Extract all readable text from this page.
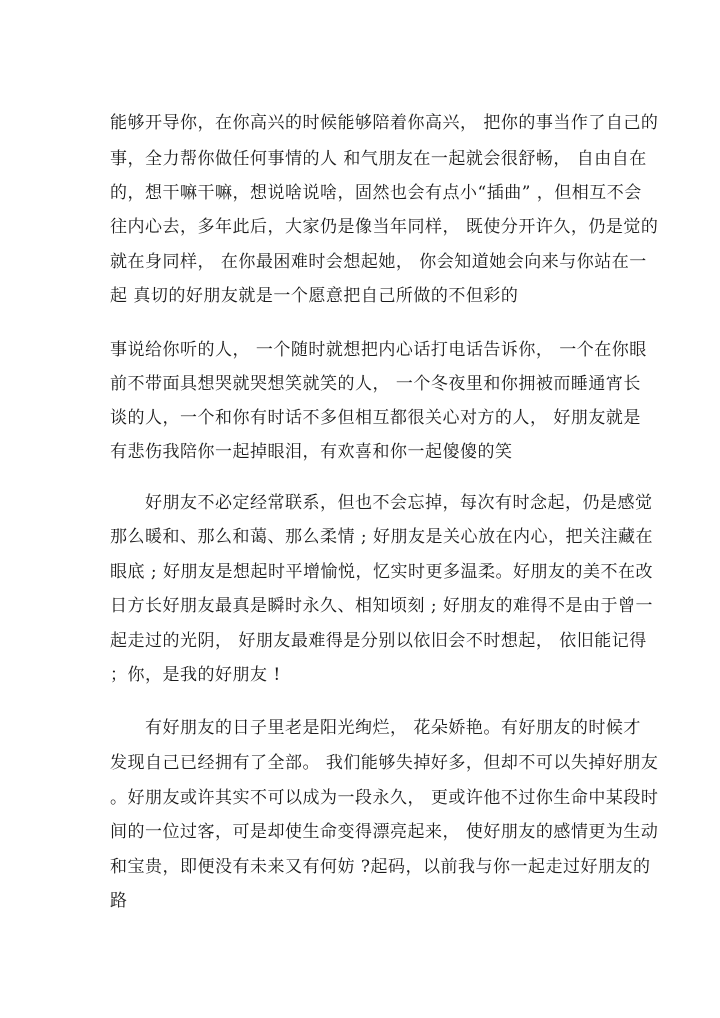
能够开导你，在你高兴的时候能够陪着你高兴， 把你的事当作了自己的
事，全力帮你做任何事情的人 和气朋友在一起就会很舒畅， 自由自在
的，想干嘛干嘛，想说啥说啥，固然也会有点小“插曲” ，但相互不会
往内心去，多年此后，大家仍是像当年同样， 既使分开许久，仍是觉的
就在身同样， 在你最困难时会想起她， 你会知道她会向来与你站在一
起 真切的好朋友就是一个愿意把自己所做的不但彩的
事说给你听的人， 一个随时就想把内心话打电话告诉你， 一个在你眼
前不带面具想哭就哭想笑就笑的人， 一个冬夜里和你拥被而睡通宵长
谈的人，一个和你有时话不多但相互都很关心对方的人， 好朋友就是
有悲伤我陪你一起掉眼泪，有欢喜和你一起傻傻的笑
好朋友不必定经常联系，但也不会忘掉，每次有时念起，仍是感觉
那么暖和、那么和蔼、那么柔情 ; 好朋友是关心放在内心，把关注藏在
眼底 ; 好朋友是想起时平增愉悦，忆实时更多温柔。好朋友的美不在改
日方长好朋友最真是瞬时永久、相知顷刻 ; 好朋友的难得不是由于曾一
起走过的光阴， 好朋友最难得是分别以依旧会不时想起， 依旧能记得
；你，是我的好朋友 !
有好朋友的日子里老是阳光绚烂， 花朵娇艳。有好朋友的时候才
发现自己已经拥有了全部。 我们能够失掉好多，但却不可以失掉好朋友
。好朋友或许其实不可以成为一段永久， 更或许他不过你生命中某段时
间的一位过客，可是却使生命变得漂亮起来， 使好朋友的感情更为生动
和宝贵，即便没有未来又有何妨 ?起码，以前我与你一起走过好朋友的
路
